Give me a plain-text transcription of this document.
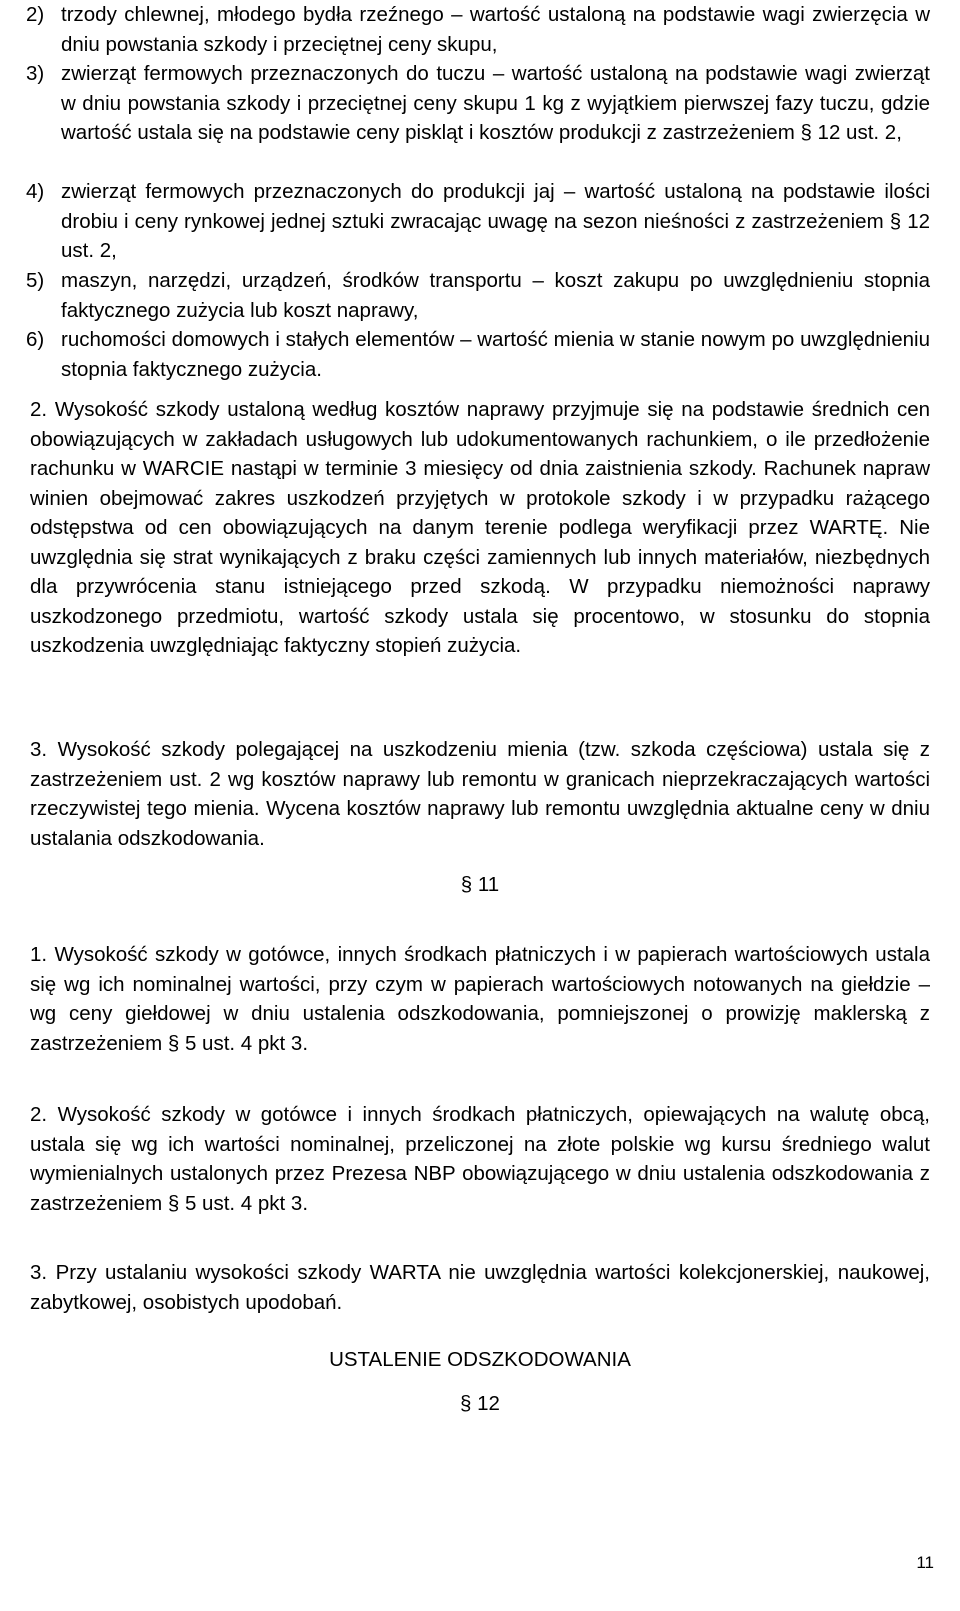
2) trzody chlewnej, młodego bydła rzeźnego – wartość ustaloną na podstawie wagi zwierzęcia w dniu powstania szkody i przeciętnej ceny skupu,
3) zwierząt fermowych przeznaczonych do tuczu – wartość ustaloną na podstawie wagi zwierząt w dniu powstania szkody i przeciętnej ceny skupu 1 kg z wyjątkiem pierwszej fazy tuczu, gdzie wartość ustala się na podstawie ceny piskląt i kosztów produkcji z zastrzeżeniem § 12 ust. 2,
4) zwierząt fermowych przeznaczonych do produkcji jaj – wartość ustaloną na podstawie ilości drobiu i ceny rynkowej jednej sztuki zwracając uwagę na sezon nieśności z zastrzeżeniem § 12 ust. 2,
5) maszyn, narzędzi, urządzeń, środków transportu – koszt zakupu po uwzględnieniu stopnia faktycznego zużycia lub koszt naprawy,
6) ruchomości domowych i stałych elementów – wartość mienia w stanie nowym po uwzględnieniu stopnia faktycznego zużycia.
2. Wysokość szkody ustaloną według kosztów naprawy przyjmuje się na podstawie średnich cen obowiązujących w zakładach usługowych lub udokumentowanych rachunkiem, o ile przedłożenie rachunku w WARCIE nastąpi w terminie 3 miesięcy od dnia zaistnienia szkody. Rachunek napraw winien obejmować zakres uszkodzeń przyjętych w protokole szkody i w przypadku rażącego odstępstwa od cen obowiązujących na danym terenie podlega weryfikacji przez WARTĘ. Nie uwzględnia się strat wynikających z braku części zamiennych lub innych materiałów, niezbędnych dla przywrócenia stanu istniejącego przed szkodą. W przypadku niemożności naprawy uszkodzonego przedmiotu, wartość szkody ustala się procentowo, w stosunku do stopnia uszkodzenia uwzględniając faktyczny stopień zużycia.
3. Wysokość szkody polegającej na uszkodzeniu mienia (tzw. szkoda częściowa) ustala się z zastrzeżeniem ust. 2 wg kosztów naprawy lub remontu w granicach nieprzekraczających wartości rzeczywistej tego mienia. Wycena kosztów naprawy lub remontu uwzględnia aktualne ceny w dniu ustalania odszkodowania.
§ 11
1. Wysokość szkody w gotówce, innych środkach płatniczych i w papierach wartościowych ustala się wg ich nominalnej wartości, przy czym w papierach wartościowych notowanych na giełdzie – wg ceny giełdowej w dniu ustalenia odszkodowania, pomniejszonej o prowizję maklerską z zastrzeżeniem § 5 ust. 4 pkt 3.
2. Wysokość szkody w gotówce i innych środkach płatniczych, opiewających na walutę obcą, ustala się wg ich wartości nominalnej, przeliczonej na złote polskie wg kursu średniego walut wymienialnych ustalonych przez Prezesa NBP obowiązującego w dniu ustalenia odszkodowania z zastrzeżeniem § 5 ust. 4 pkt 3.
3. Przy ustalaniu wysokości szkody WARTA nie uwzględnia wartości kolekcjonerskiej, naukowej, zabytkowej, osobistych upodobań.
USTALENIE ODSZKODOWANIA
§ 12
11
